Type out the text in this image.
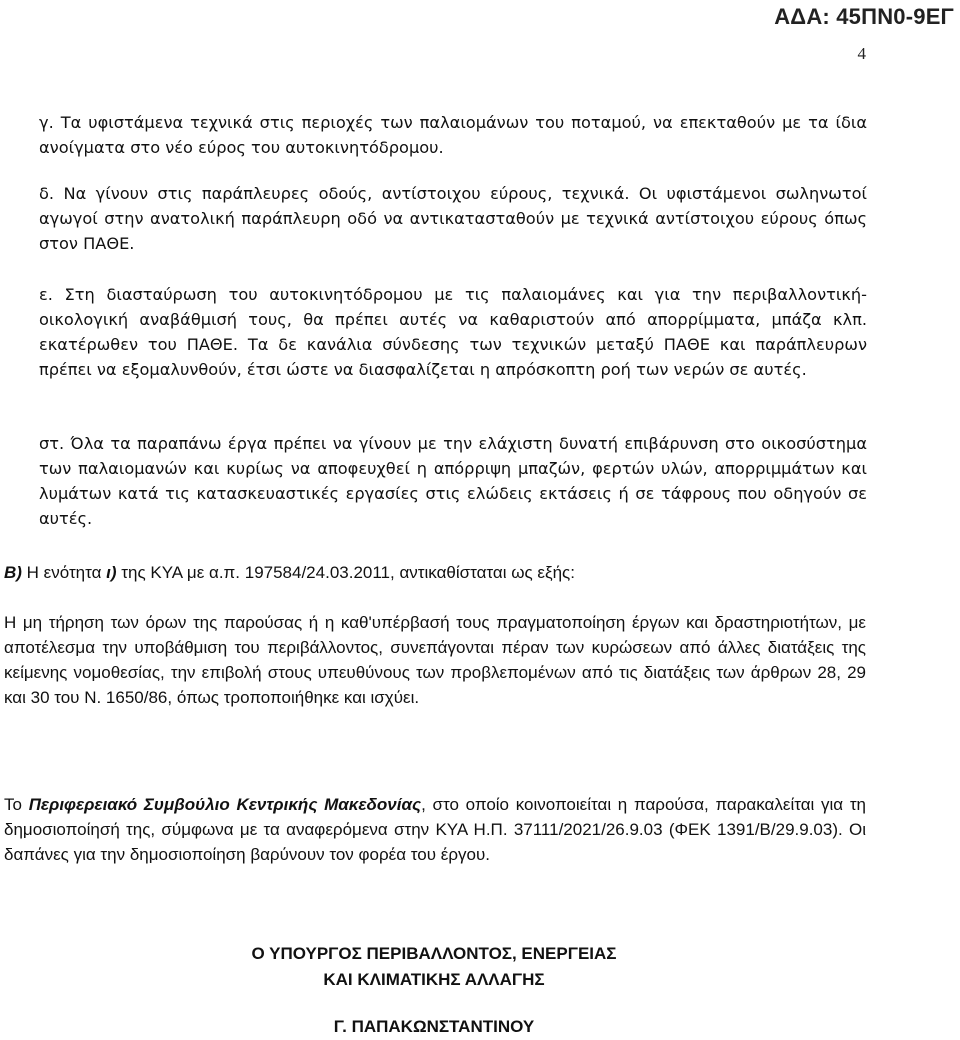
ΑΔΑ: 45ΠΝ0-9ΕΓ
4

γ. Τα υφιστάμενα τεχνικά στις περιοχές των παλαιομάνων του ποταμού, να επεκταθούν με τα ίδια ανοίγματα στο νέο εύρος του αυτοκινητόδρομου.

δ. Να γίνουν στις παράπλευρες οδούς, αντίστοιχου εύρους, τεχνικά. Οι υφιστάμενοι σωληνωτοί αγωγοί στην ανατολική παράπλευρη οδό να αντικατασταθούν με τεχνικά αντίστοιχου εύρους όπως στον ΠΑΘΕ.

ε. Στη διασταύρωση του αυτοκινητόδρομου με τις παλαιομάνες και για την περιβαλλοντική-οικολογική αναβάθμισή τους, θα πρέπει αυτές να καθαριστούν από απορρίμματα, μπάζα κλπ. εκατέρωθεν του ΠΑΘΕ. Τα δε κανάλια σύνδεσης των τεχνικών μεταξύ ΠΑΘΕ και παράπλευρων πρέπει να εξομαλυνθούν, έτσι ώστε να διασφαλίζεται η απρόσκοπτη ροή των νερών σε αυτές.

στ. Όλα τα παραπάνω έργα πρέπει να γίνουν με την ελάχιστη δυνατή επιβάρυνση στο οικοσύστημα των παλαιομανών και κυρίως να αποφευχθεί η απόρριψη μπαζών, φερτών υλών, απορριμμάτων και λυμάτων κατά τις κατασκευαστικές εργασίες στις ελώδεις εκτάσεις ή σε τάφρους που οδηγούν σε αυτές.

Β) Η ενότητα ι) της ΚΥΑ με α.π. 197584/24.03.2011, αντικαθίσταται ως εξής:

Η μη τήρηση των όρων της παρούσας ή η καθ'υπέρβασή τους πραγματοποίηση έργων και δραστηριοτήτων, με αποτέλεσμα την υποβάθμιση του περιβάλλοντος, συνεπάγονται πέραν των κυρώσεων από άλλες διατάξεις της κείμενης νομοθεσίας, την επιβολή στους υπευθύνους των προβλεπομένων από τις διατάξεις των άρθρων 28, 29 και 30 του Ν. 1650/86, όπως τροποποιήθηκε και ισχύει.

Το Περιφερειακό Συμβούλιο Κεντρικής Μακεδονίας, στο οποίο κοινοποιείται η παρούσα, παρακαλείται για τη δημοσιοποίησή της, σύμφωνα με τα αναφερόμενα στην ΚΥΑ Η.Π. 37111/2021/26.9.03 (ΦΕΚ 1391/Β/29.9.03). Οι δαπάνες για την δημοσιοποίηση βαρύνουν τον φορέα του έργου.

Ο ΥΠΟΥΡΓΟΣ ΠΕΡΙΒΑΛΛΟΝΤΟΣ, ΕΝΕΡΓΕΙΑΣ
ΚΑΙ ΚΛΙΜΑΤΙΚΗΣ ΑΛΛΑΓΗΣ
Γ. ΠΑΠΑΚΩΝΣΤΑΝΤΙΝΟΥ
